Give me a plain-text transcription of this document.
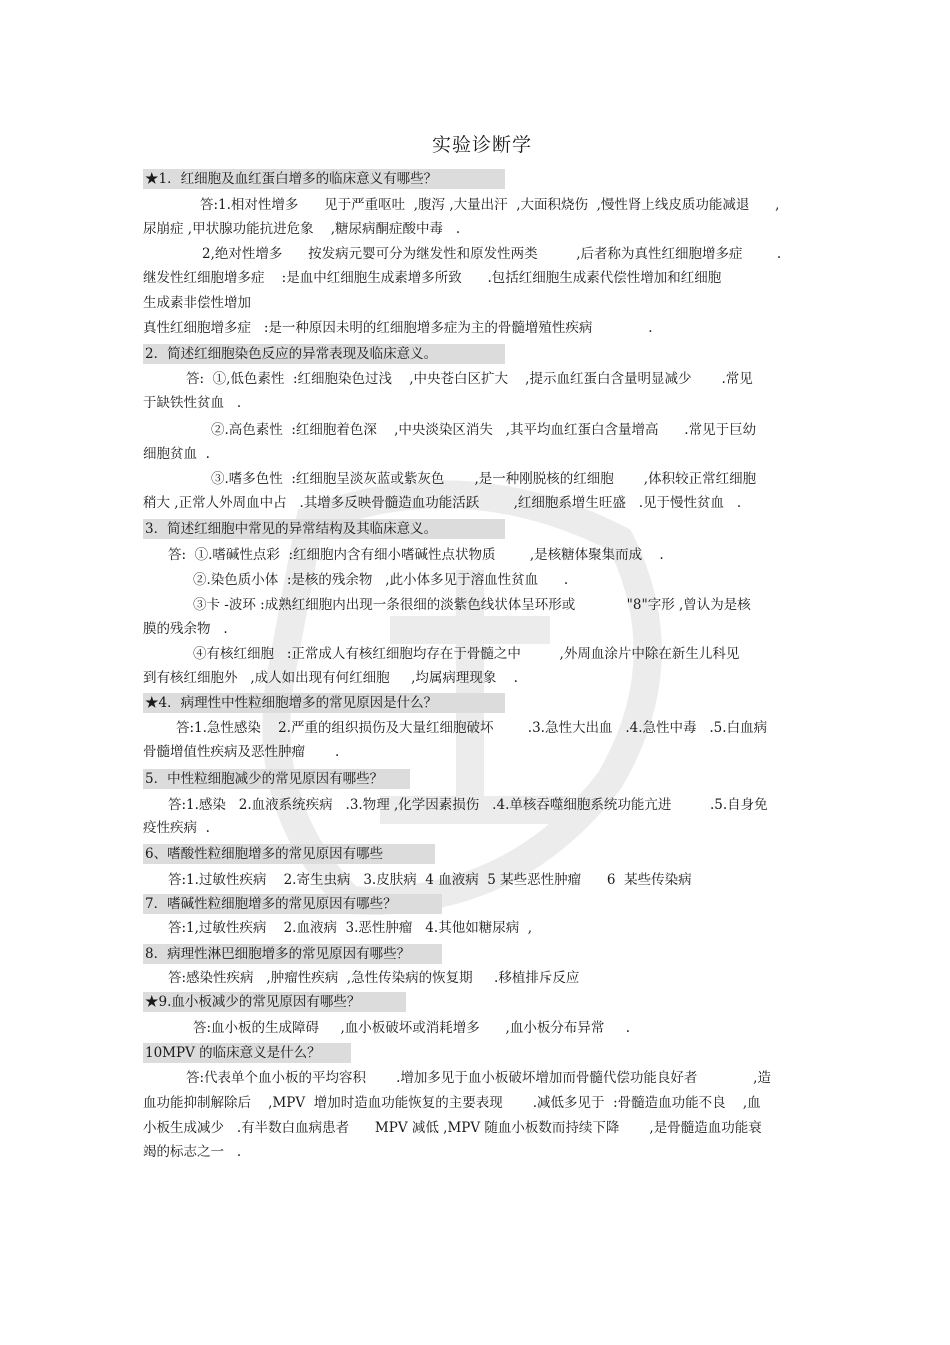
实验诊断学
★1．红细胞及血红蛋白增多的临床意义有哪些？
答:1.相对性增多      见于严重呕吐  ,腹泻 ,大量出汗  ,大面积烧伤  ,慢性肾上线皮质功能减退      ,
尿崩症 ,甲状腺功能抗进危象    ,糖尿病酮症酸中毒   .
2,绝对性增多      按发病元婴可分为继发性和原发性两类         ,后者称为真性红细胞增多症        .
继发性红细胞增多症    :是血中红细胞生成素增多所致      .包括红细胞生成素代偿性增加和红细胞
生成素非偿性增加
真性红细胞增多症   :是一种原因未明的红细胞增多症为主的骨髓增殖性疾病             .
2．简述红细胞染色反应的异常表现及临床意义。
答:  ①,低色素性  :红细胞染色过浅    ,中央苍白区扩大    ,提示血红蛋白含量明显减少       .常见
于缺铁性贫血   .
②.高色素性  :红细胞着色深    ,中央淡染区消失   ,其平均血红蛋白含量增高      .常见于巨幼
细胞贫血  .
③.嗜多色性  :红细胞呈淡灰蓝或紫灰色       ,是一种刚脱核的红细胞       ,体积较正常红细胞
稍大 ,正常人外周血中占   .其增多反映骨髓造血功能活跃        ,红细胞系增生旺盛   .见于慢性贫血   .
3．简述红细胞中常见的异常结构及其临床意义。
答:  ①.嗜碱性点彩  :红细胞内含有细小嗜碱性点状物质        ,是核糖体聚集而成    .
②.染色质小体  :是核的残余物   ,此小体多见于溶血性贫血      .
③卡 -波环 :成熟红细胞内出现一条很细的淡紫色线状体呈环形或            "8"字形 ,曾认为是核
膜的残余物   .
④有核红细胞   :正常成人有核红细胞均存在于骨髓之中         ,外周血涂片中除在新生儿科见
到有核红细胞外   ,成人如出现有何红细胞     ,均属病理现象    .
★4．病理性中性粒细胞增多的常见原因是什么？
答:1.急性感染    2.严重的组织损伤及大量红细胞破坏        .3.急性大出血   .4.急性中毒   .5.白血病
骨髓增值性疾病及恶性肿瘤       .
5．中性粒细胞减少的常见原因有哪些？
答:1.感染   2.血液系统疾病   .3.物理 ,化学因素损伤   .4.单核吞噬细胞系统功能亢进         .5.自身免
疫性疾病  .
6、嗜酸性粒细胞增多的常见原因有哪些
答:1.过敏性疾病    2.寄生虫病   3.皮肤病  4 血液病  5 某些恶性肿瘤      6  某些传染病
7．嗜碱性粒细胞增多的常见原因有哪些？
答:1,过敏性疾病    2.血液病  3.恶性肿瘤   4.其他如糖尿病  ,
8．病理性淋巴细胞增多的常见原因有哪些？
答:感染性疾病   ,肿瘤性疾病  ,急性传染病的恢复期     .移植排斥反应
★9.血小板减少的常见原因有哪些？
答:血小板的生成障碍     ,血小板破坏或消耗增多      ,血小板分布异常     .
10MPV 的临床意义是什么？
答:代表单个血小板的平均容积       .增加多见于血小板破坏增加而骨髓代偿功能良好者             ,造
血功能抑制解除后    ,MPV  增加时造血功能恢复的主要表现       .减低多见于  :骨髓造血功能不良    ,血
小板生成减少   .有半数白血病患者      MPV 减低 ,MPV 随血小板数而持续下降       ,是骨髓造血功能衰
竭的标志之一   .
